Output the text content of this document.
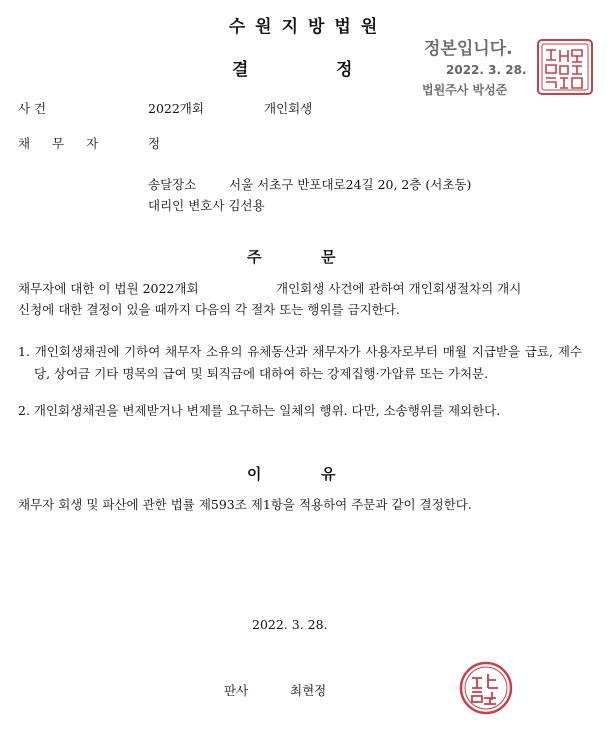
수원지방법원
결	정
정본입니다.
2022. 3. 28.
법원주사 박성준
사 건	2022개회	개인회생
채 무 자	정
송달장소	서울 서초구 반포대로24길 20, 2층 (서초동)
대리인 변호사 김선용
주	문
채무자에 대한 이 법원 2022개회	개인회생 사건에 관하여 개인회생절차의 개시
신청에 대한 결정이 있을 때까지 다음의 각 절차 또는 행위를 금지한다.
1. 개인회생채권에 기하여 채무자 소유의 유체동산과 채무자가 사용자로부터 매월 지급받을 급료, 제수당, 상여금 기타 명목의 급여 및 퇴직금에 대하여 하는 강제집행·가압류 또는 가처분.
2. 개인회생채권을 변제받거나 변제를 요구하는 일체의 행위. 다만, 소송행위를 제외한다.
이	유
채무자 회생 및 파산에 관한 법률 제593조 제1항을 적용하여 주문과 같이 결정한다.
2022. 3. 28.
판사	최현정
